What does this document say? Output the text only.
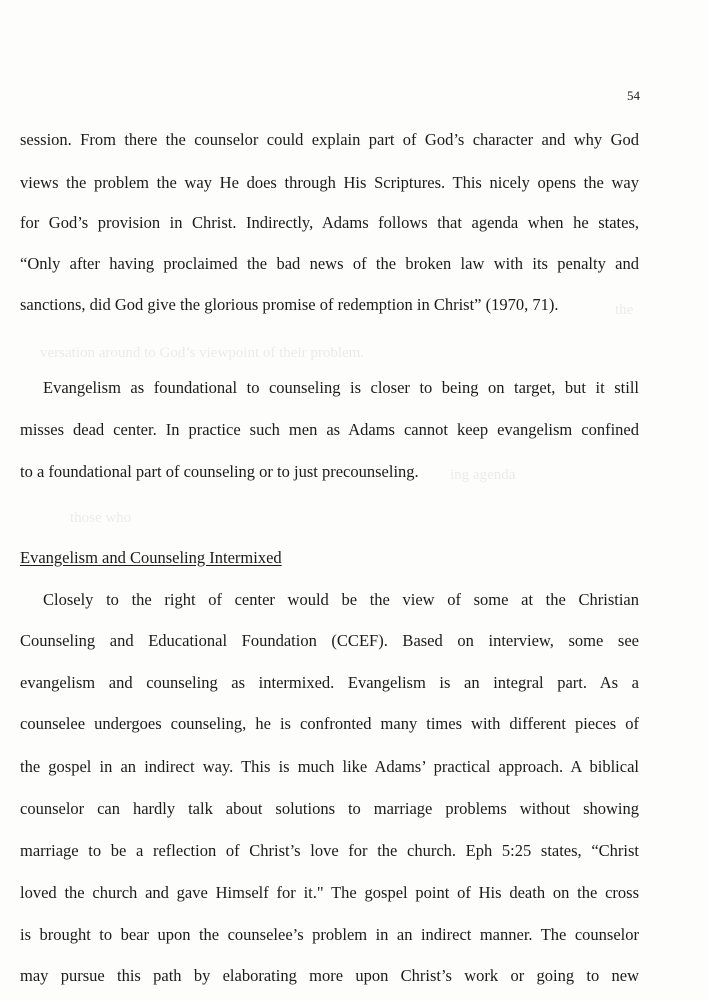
versation around to God’s viewpoint of their problem.
the
ing agenda
those who
54
session. From there the counselor could explain part of God’s character and why God
views the problem the way He does through His Scriptures. This nicely opens the way
for God’s provision in Christ. Indirectly, Adams follows that agenda when he states,
“Only after having proclaimed the bad news of the broken law with its penalty and
sanctions, did God give the glorious promise of redemption in Christ” (1970, 71).
Evangelism as foundational to counseling is closer to being on target, but it still
misses dead center. In practice such men as Adams cannot keep evangelism confined
to a foundational part of counseling or to just precounseling.
Evangelism and Counseling Intermixed
Closely to the right of center would be the view of some at the Christian
Counseling and Educational Foundation (CCEF). Based on interview, some see
evangelism and counseling as intermixed. Evangelism is an integral part. As a
counselee undergoes counseling, he is confronted many times with different pieces of
the gospel in an indirect way. This is much like Adams’ practical approach. A biblical
counselor can hardly talk about solutions to marriage problems without showing
marriage to be a reflection of Christ’s love for the church. Eph 5:25 states, “Christ
loved the church and gave Himself for it." The gospel point of His death on the cross
is brought to bear upon the counselee’s problem in an indirect manner. The counselor
may pursue this path by elaborating more upon Christ’s work or going to new
